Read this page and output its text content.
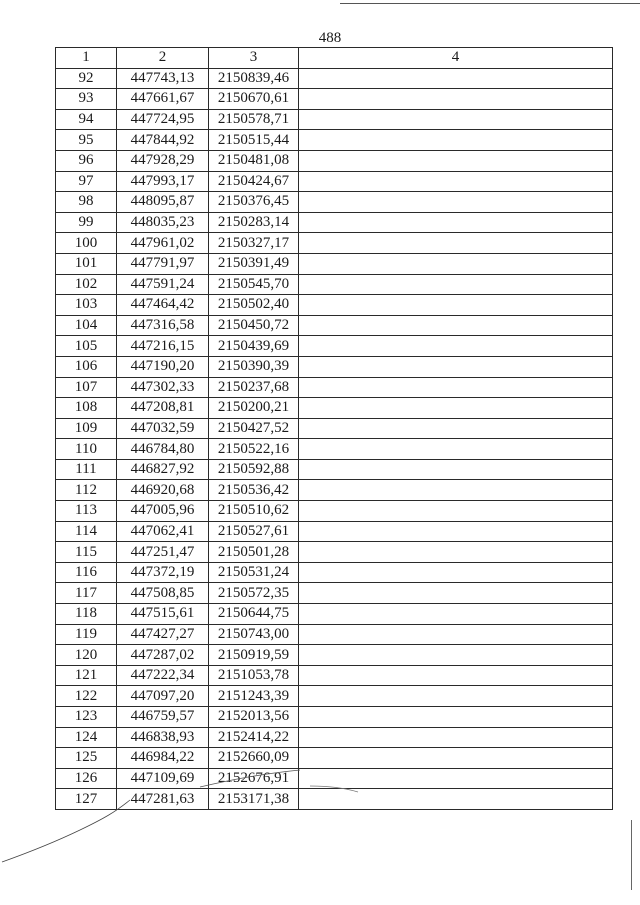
488
1	2	3	4
92	447743,13	2150839,46	
93	447661,67	2150670,61	
94	447724,95	2150578,71	
95	447844,92	2150515,44	
96	447928,29	2150481,08	
97	447993,17	2150424,67	
98	448095,87	2150376,45	
99	448035,23	2150283,14	
100	447961,02	2150327,17	
101	447791,97	2150391,49	
102	447591,24	2150545,70	
103	447464,42	2150502,40	
104	447316,58	2150450,72	
105	447216,15	2150439,69	
106	447190,20	2150390,39	
107	447302,33	2150237,68	
108	447208,81	2150200,21	
109	447032,59	2150427,52	
110	446784,80	2150522,16	
111	446827,92	2150592,88	
112	446920,68	2150536,42	
113	447005,96	2150510,62	
114	447062,41	2150527,61	
115	447251,47	2150501,28	
116	447372,19	2150531,24	
117	447508,85	2150572,35	
118	447515,61	2150644,75	
119	447427,27	2150743,00	
120	447287,02	2150919,59	
121	447222,34	2151053,78	
122	447097,20	2151243,39	
123	446759,57	2152013,56	
124	446838,93	2152414,22	
125	446984,22	2152660,09	
126	447109,69	2152676,91	
127	447281,63	2153171,38	
